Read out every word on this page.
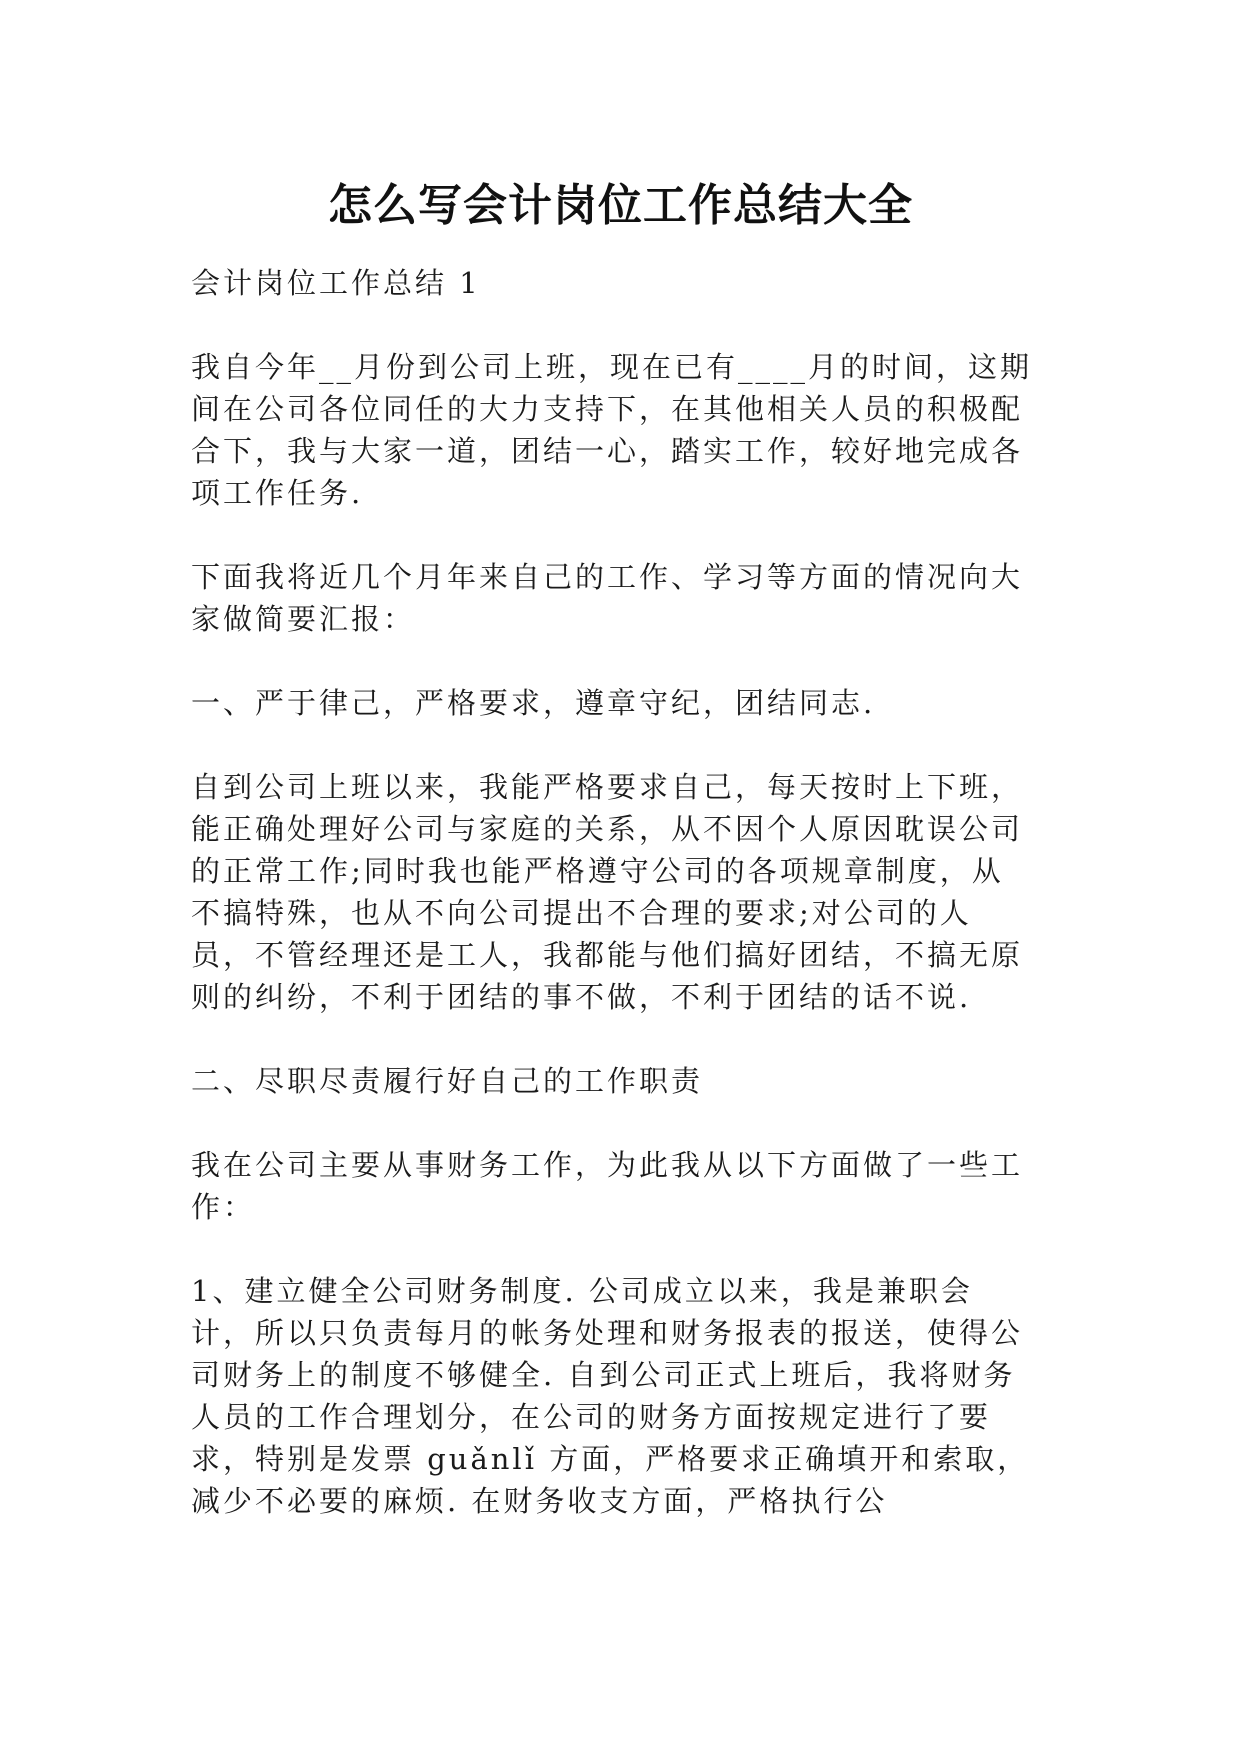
怎么写会计岗位工作总结大全

会计岗位工作总结 1

我自今年__月份到公司上班，现在已有____月的时间，这期间在公司各位同任的大力支持下，在其他相关人员的积极配合下，我与大家一道，团结一心，踏实工作，较好地完成各项工作任务.

下面我将近几个月年来自己的工作、学习等方面的情况向大家做简要汇报：

一、严于律己，严格要求，遵章守纪，团结同志.

自到公司上班以来，我能严格要求自己，每天按时上下班，能正确处理好公司与家庭的关系，从不因个人原因耽误公司的正常工作;同时我也能严格遵守公司的各项规章制度，从不搞特殊，也从不向公司提出不合理的要求;对公司的人员，不管经理还是工人，我都能与他们搞好团结，不搞无原则的纠纷，不利于团结的事不做，不利于团结的话不说.

二、尽职尽责履行好自己的工作职责

我在公司主要从事财务工作，为此我从以下方面做了一些工作：

1、建立健全公司财务制度. 公司成立以来，我是兼职会计，所以只负责每月的帐务处理和财务报表的报送，使得公司财务上的制度不够健全. 自到公司正式上班后，我将财务人员的工作合理划分，在公司的财务方面按规定进行了要求，特别是发票 guǎnlǐ 方面，严格要求正确填开和索取，减少不必要的麻烦. 在财务收支方面，严格执行公
